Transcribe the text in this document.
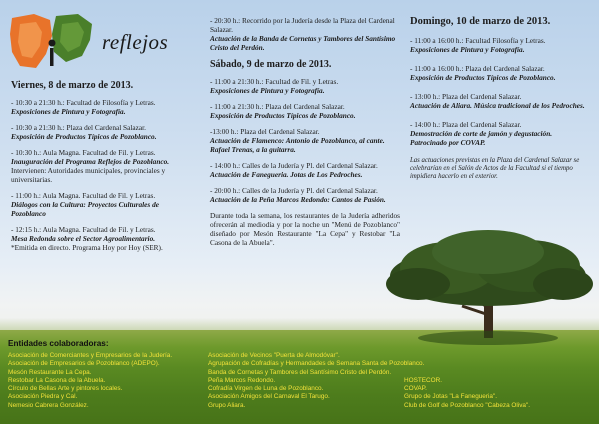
reflejos
Viernes, 8 de marzo de 2013.
- 10:30 a 21:30 h.: Facultad de Filosofía y Letras.
Exposiciones de Pintura y Fotografía.
- 10:30 a 21:30 h.: Plaza del Cardenal Salazar.
Exposición de Productos Típicos de Pozoblanco.
- 10:30 h.: Aula Magna. Facultad de Fil. y Letras.
Inauguración del Programa Reflejos de Pozoblanco.
Intervienen: Autoridades municipales, provinciales y universitarias.
- 11:00 h.: Aula Magna. Facultad de Fil. y Letras.
Diálogos con la Cultura: Proyectos Culturales de Pozoblanco
- 12:15 h.: Aula Magna. Facultad de Fil. y Letras.
Mesa Redonda sobre el Sector Agroalimentario.
*Emitida en directo. Programa Hoy por Hoy (SER).
- 20:30 h.: Recorrido por la Judería desde la Plaza del Cardenal Salazar.
Actuación de la Banda de Cornetas y Tambores del Santísimo Cristo del Perdón.
Sábado, 9 de marzo de 2013.
- 11:00 a 21:30 h.: Facultad de Fil. y Letras.
Exposiciones de Pintura y Fotografía.
- 11:00 a 21:30 h.: Plaza del Cardenal Salazar.
Exposición de Productos Típicos de Pozoblanco.
-13:00 h.: Plaza del Cardenal Salazar.
Actuación de Flamenco: Antonio de Pozoblanco, al cante. Rafael Trenas, a la guitarra.
- 14:00 h.: Calles de la Judería y Pl. del Cardenal Salazar.
Actuación de Fanegueria. Jotas de Los Pedroches.
- 20:00 h.: Calles de la Judería y Pl. del Cardenal Salazar.
Actuación de la Peña Marcos Redondo: Cantos de Pasión.

Durante toda la semana, los restaurantes de la Judería adheridos ofrecerán al mediodía y por la noche un "Menú de Pozoblanco" diseñado por Mesón Restaurante "La Cepa" y Restobar "La Casona de la Abuela".

Domingo, 10 de marzo de 2013.
- 11:00 a 16:00 h.: Facultad Filosofía y Letras.
Exposiciones de Pintura y Fotografía.
- 11:00 a 16:00 h.: Plaza del Cardenal Salazar.
Exposición de Productos Típicos de Pozoblanco.
- 13:00 h.: Plaza del Cardenal Salazar.
Actuación de Aliara. Música tradicional de los Pedroches.
- 14:00 h.: Plaza del Cardenal Salazar.
Demostración de corte de jamón y degustación. Patrocinado por COVAP.

Las actuaciones previstas en la Plaza del Cardenal Salazar se celebrarían en el Salón de Actos de la Facultad si el tiempo impidiera hacerlo en el exterior.

Entidades colaboradoras:
Asociación de Comerciantes y Empresarios de la Judería.
Asociación de Empresarios de Pozoblanco (ADEPO).
Mesón Restaurante La Cepa.
Restobar La Casona de la Abuela.
Círculo de Bellas Arte y pintores locales.
Asociación Piedra y Cal.
Nemesio Cabrera González.
Asociación de Vecinos "Puerta de Almodóvar".
Agrupación de Cofradías y Hermandades de Semana Santa de Pozoblanco.
Banda de Cornetas y Tambores del Santísimo Cristo del Perdón.
Peña Marcos Redondo.
Cofradía Virgen de Luna de Pozoblanco.
Asociación Amigos del Carnaval El Tarugo.
Grupo Aliara.

HOSTECOR.
COVAP.
Grupo de Jotas "La Fanegueria".
Club de Golf de Pozoblanco "Cabeza Oliva".
